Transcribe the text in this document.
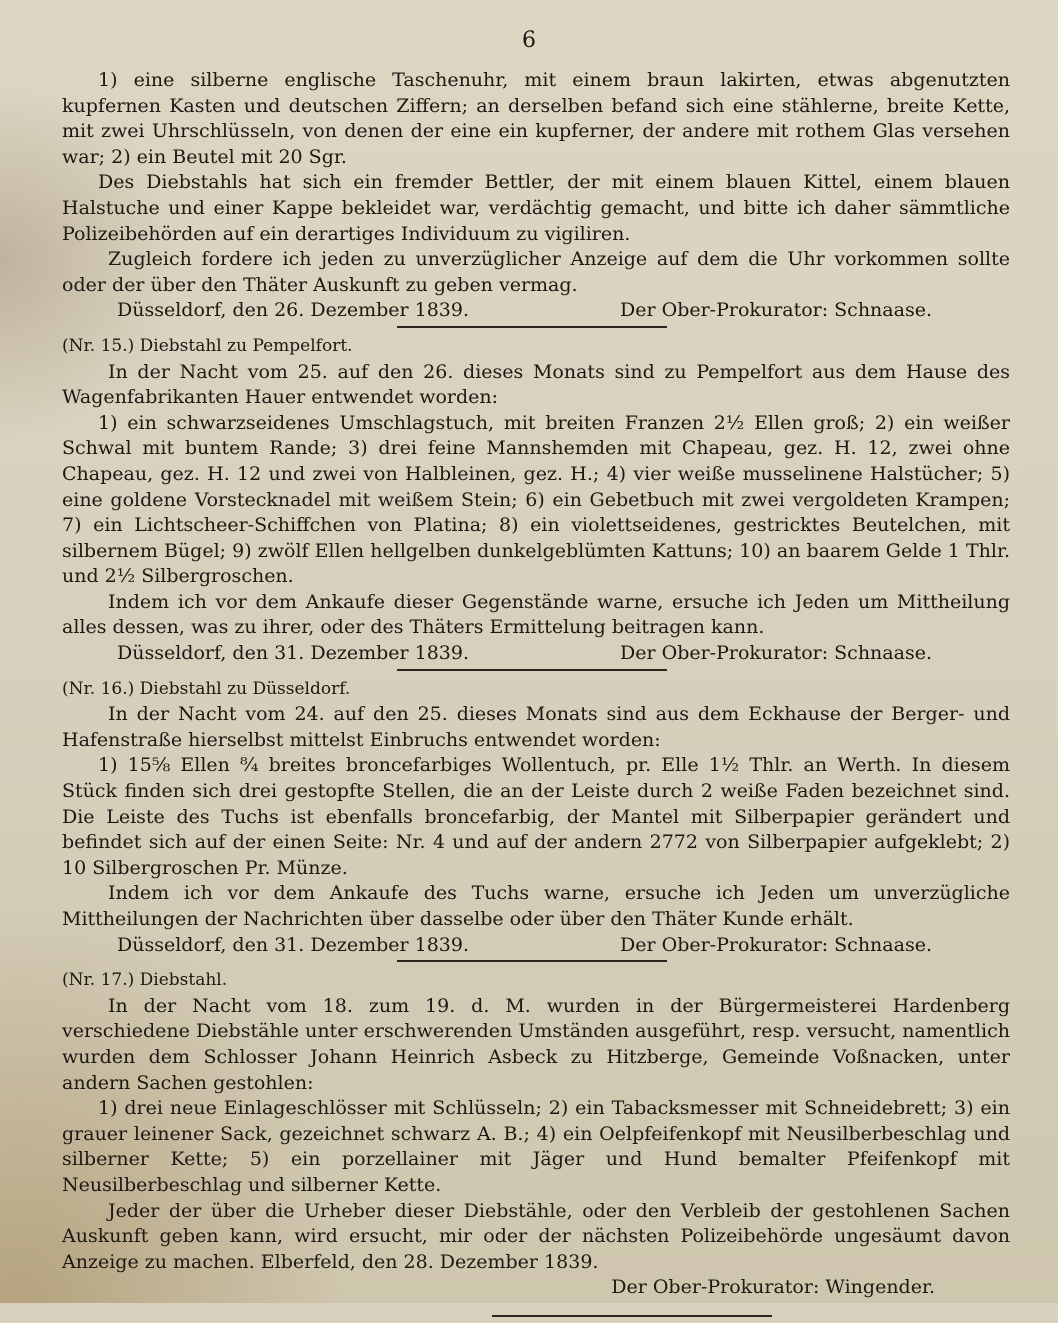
6

1) eine silberne englische Taschenuhr, mit einem braun lakirten, etwas abgenutzten kupfernen Kasten und deutschen Ziffern; an derselben befand sich eine stählerne, breite Kette, mit zwei Uhrschlüsseln, von denen der eine ein kupferner, der andere mit rothem Glas versehen war; 2) ein Beutel mit 20 Sgr.

Des Diebstahls hat sich ein fremder Bettler, der mit einem blauen Kittel, einem blauen Halstuche und einer Kappe bekleidet war, verdächtig gemacht, und bitte ich daher sämmtliche Polizeibehörden auf ein derartiges Individuum zu vigiliren.

Zugleich fordere ich jeden zu unverzüglicher Anzeige auf dem die Uhr vorkommen sollte oder der über den Thäter Auskunft zu geben vermag.

Düsseldorf, den 26. Dezember 1839.	Der Ober-Prokurator: Schnaase.

(Nr. 15.) Diebstahl zu Pempelfort.

In der Nacht vom 25. auf den 26. dieses Monats sind zu Pempelfort aus dem Hause des Wagenfabrikanten Hauer entwendet worden:

1) ein schwarzseidenes Umschlagstuch, mit breiten Franzen 2½ Ellen groß; 2) ein weißer Schwal mit buntem Rande; 3) drei feine Mannshemden mit Chapeau, gez. H. 12, zwei ohne Chapeau, gez. H. 12 und zwei von Halbleinen, gez. H.; 4) vier weiße musselinene Halstücher; 5) eine goldene Vorstecknadel mit weißem Stein; 6) ein Gebetbuch mit zwei vergoldeten Krampen; 7) ein Lichtscheer-Schiffchen von Platina; 8) ein violettseidenes, gestricktes Beutelchen, mit silbernem Bügel; 9) zwölf Ellen hellgelben dunkelgeblümten Kattuns; 10) an baarem Gelde 1 Thlr. und 2½ Silbergroschen.

Indem ich vor dem Ankaufe dieser Gegenstände warne, ersuche ich Jeden um Mittheilung alles dessen, was zu ihrer, oder des Thäters Ermittelung beitragen kann.

Düsseldorf, den 31. Dezember 1839.	Der Ober-Prokurator: Schnaase.

(Nr. 16.) Diebstahl zu Düsseldorf.

In der Nacht vom 24. auf den 25. dieses Monats sind aus dem Eckhause der Berger- und Hafenstraße hierselbst mittelst Einbruchs entwendet worden:

1) 15⅝ Ellen ⁸⁄₄ breites broncefarbiges Wollentuch, pr. Elle 1½ Thlr. an Werth. In diesem Stück finden sich drei gestopfte Stellen, die an der Leiste durch 2 weiße Faden bezeichnet sind. Die Leiste des Tuchs ist ebenfalls broncefarbig, der Mantel mit Silberpapier gerändert und befindet sich auf der einen Seite: Nr. 4 und auf der andern 2772 von Silberpapier aufgeklebt; 2) 10 Silbergroschen Pr. Münze.

Indem ich vor dem Ankaufe des Tuchs warne, ersuche ich Jeden um unverzügliche Mittheilungen der Nachrichten über dasselbe oder über den Thäter Kunde erhält.

Düsseldorf, den 31. Dezember 1839.	Der Ober-Prokurator: Schnaase.

(Nr. 17.) Diebstahl.

In der Nacht vom 18. zum 19. d. M. wurden in der Bürgermeisterei Hardenberg verschiedene Diebstähle unter erschwerenden Umständen ausgeführt, resp. versucht, namentlich wurden dem Schlosser Johann Heinrich Asbeck zu Hitzberge, Gemeinde Voßnacken, unter andern Sachen gestohlen:

1) drei neue Einlageschlösser mit Schlüsseln; 2) ein Tabacksmesser mit Schneidebrett; 3) ein grauer leinener Sack, gezeichnet schwarz A. B.; 4) ein Oelpfeifenkopf mit Neusilberbeschlag und silberner Kette; 5) ein porzellainer mit Jäger und Hund bemalter Pfeifenkopf mit Neusilberbeschlag und silberner Kette.

Jeder der über die Urheber dieser Diebstähle, oder den Verbleib der gestohlenen Sachen Auskunft geben kann, wird ersucht, mir oder der nächsten Polizeibehörde ungesäumt davon Anzeige zu machen. Elberfeld, den 28. Dezember 1839.

Der Ober-Prokurator: Wingender.
